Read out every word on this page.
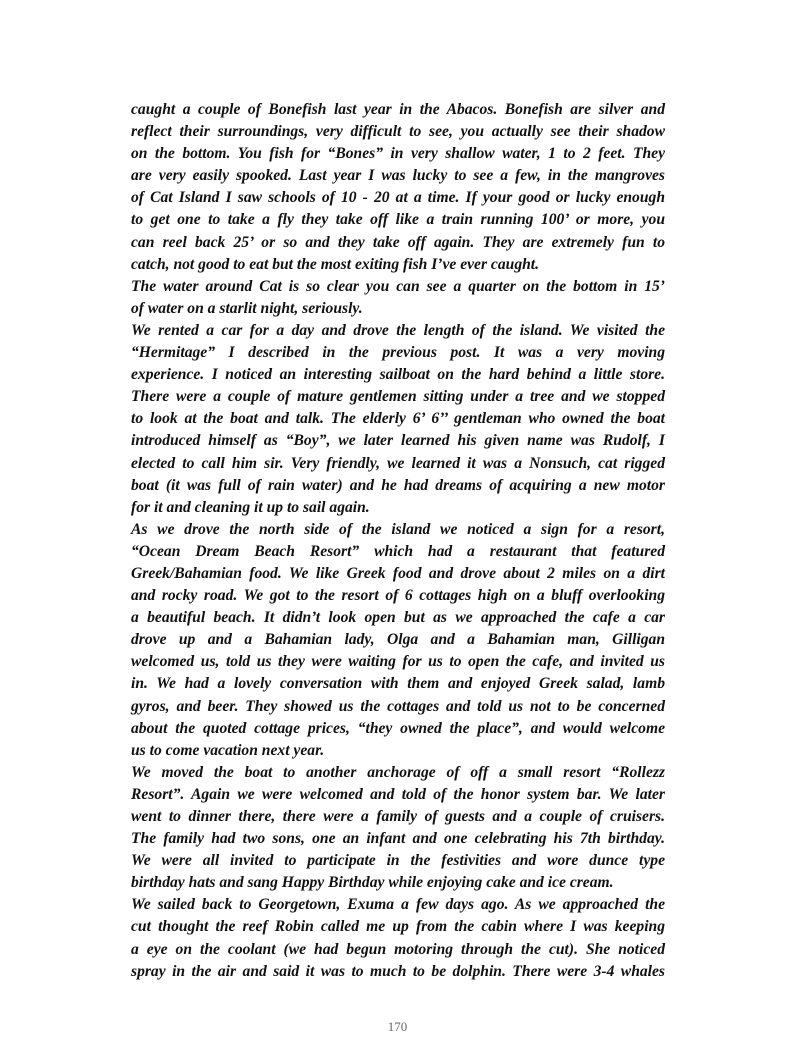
caught a couple of Bonefish last year in the Abacos. Bonefish are silver and
reflect their surroundings, very difficult to see, you actually see their shadow
on the bottom. You fish for “Bones” in very shallow water, 1 to 2 feet. They
are very easily spooked. Last year I was lucky to see a few, in the mangroves
of Cat Island I saw schools of 10 - 20 at a time. If your good or lucky enough
to get one to take a fly they take off like a train running 100’ or more, you
can reel back 25’ or so and they take off again. They are extremely fun to
catch, not good to eat but the most exiting fish I’ve ever caught.
The water around Cat is so clear you can see a quarter on the bottom in 15’
of water on a starlit night, seriously.
We rented a car for a day and drove the length of the island. We visited the
“Hermitage” I described in the previous post. It was a very moving
experience. I noticed an interesting sailboat on the hard behind a little store.
There were a couple of mature gentlemen sitting under a tree and we stopped
to look at the boat and talk. The elderly 6’ 6’’ gentleman who owned the boat
introduced himself as “Boy”, we later learned his given name was Rudolf, I
elected to call him sir. Very friendly, we learned it was a Nonsuch, cat rigged
boat (it was full of rain water) and he had dreams of acquiring a new motor
for it and cleaning it up to sail again.
As we drove the north side of the island we noticed a sign for a resort,
“Ocean Dream Beach Resort” which had a restaurant that featured
Greek/Bahamian food. We like Greek food and drove about 2 miles on a dirt
and rocky road. We got to the resort of 6 cottages high on a bluff overlooking
a beautiful beach. It didn’t look open but as we approached the cafe a car
drove up and a Bahamian lady, Olga and a Bahamian man, Gilligan
welcomed us, told us they were waiting for us to open the cafe, and invited us
in. We had a lovely conversation with them and enjoyed Greek salad, lamb
gyros, and beer. They showed us the cottages and told us not to be concerned
about the quoted cottage prices, “they owned the place”, and would welcome
us to come vacation next year.
We moved the boat to another anchorage of off a small resort “Rollezz
Resort”. Again we were welcomed and told of the honor system bar. We later
went to dinner there, there were a family of guests and a couple of cruisers.
The family had two sons, one an infant and one celebrating his 7th birthday.
We were all invited to participate in the festivities and wore dunce type
birthday hats and sang Happy Birthday while enjoying cake and ice cream.
We sailed back to Georgetown, Exuma a few days ago. As we approached the
cut thought the reef Robin called me up from the cabin where I was keeping
a eye on the coolant (we had begun motoring through the cut). She noticed
spray in the air and said it was to much to be dolphin. There were 3-4 whales
170
